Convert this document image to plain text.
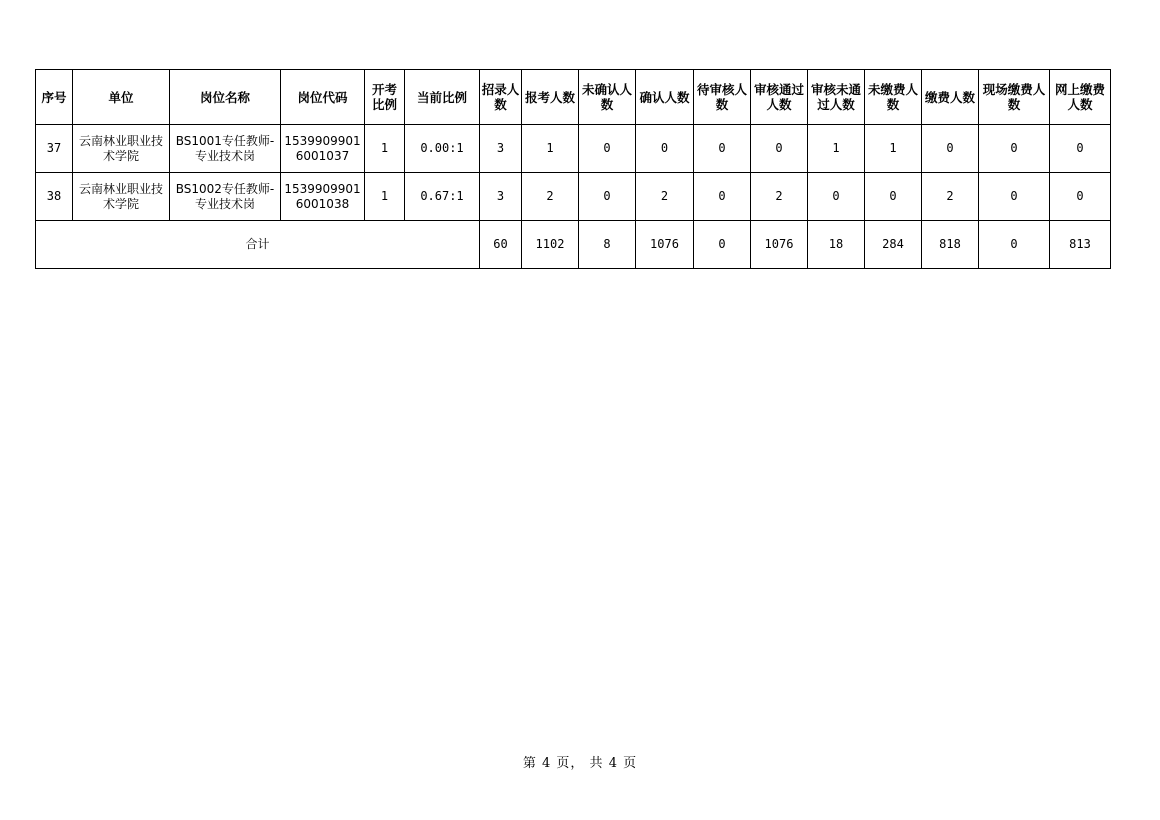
序号	单位	岗位名称	岗位代码	开考比例	当前比例	招录人数	报考人数	未确认人数	确认人数	待审核人数	审核通过人数	审核未通过人数	未缴费人数	缴费人数	现场缴费人数	网上缴费人数
37	云南林业职业技术学院	BS1001专任教师-专业技术岗	15399099016001037	1	0.00:1	3	1	0	0	0	0	1	1	0	0	0
38	云南林业职业技术学院	BS1002专任教师-专业技术岗	15399099016001038	1	0.67:1	3	2	0	2	0	2	0	0	2	0	0
合计						60	1102	8	1076	0	1076	18	284	818	0	813
第 4 页， 共 4 页
